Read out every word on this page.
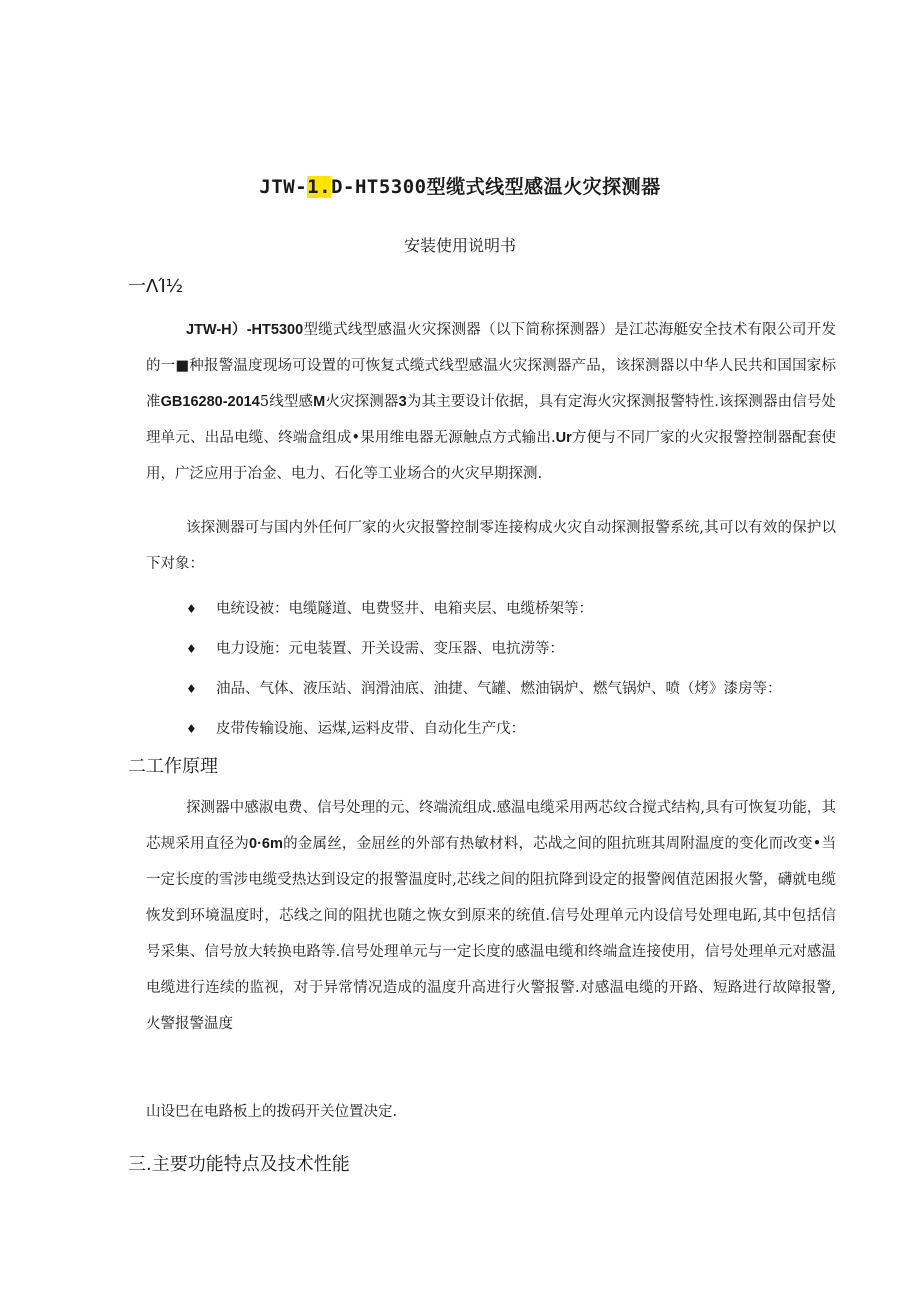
JTW-1.D-HT5300型缆式线型感温火灾探测器
安装使用说明书
一ΛΊ½

JTW-H）-HT5300型缆式线型感温火灾探测器（以下简称探测器）是江芯海艇安全技术有限公司开发的一■种报警温度现场可设置的可恢复式缆式线型感温火灾探测器产品，该探测器以中华人民共和国国家标准GB16280-20145线型感M火灾探测器3为其主要设计依据，具有定海火灾探测报警特性.该探测器由信号处理单元、出品电缆、终端盒组成•果用维电器无源触点方式输出.Ur方便与不同厂家的火灾报警控制器配套使用，广泛应用于冶金、电力、石化等工业场合的火灾早期探测.

该探测器可与国内外任何厂家的火灾报警控制零连接构成火灾自动探测报警系统,其可以有效的保护以下对象：

♦ 电统设被：电缆隧道、电费竖井、电箱夹层、电缆桥架等：
♦ 电力设施：元电装置、开关设需、变压器、电抗涝等：
♦ 油品、气体、液压站、润滑油底、油捷、气罐、燃油锅炉、燃气锅炉、喷（烤》漆房等：
♦ 皮带传输设施、运煤,运料皮带、自动化生产戊：
二工作原理

探测器中感淑电费、信号处理的元、终端流组成.感温电缆采用两芯纹合搅式结构,具有可恢复功能，其芯规采用直径为0·6m的金属丝，金屈丝的外部有热敏材料，芯战之间的阻抗班其周附温度的变化而改变•当一定长度的雪涉电缆受热达到设定的报警温度时,芯线之间的阻抗降到设定的报警阀值范困报火警，礴就电缆恢发到环境温度时，芯线之间的阻扰也随之恢女到原来的统值.信号处理单元内设信号处理电跖,其中包括信号采集、信号放大转换电路等.信号处理单元与一定长度的感温电缆和终端盒连接使用，信号处理单元对感温电缆进行连续的监视，对于异常情况造成的温度升高进行火警报警.对感温电缆的开路、短路进行故障报警,火警报警温度

山设巴在电路板上的拨码开关位置决定.
三.主要功能特点及技术性能
